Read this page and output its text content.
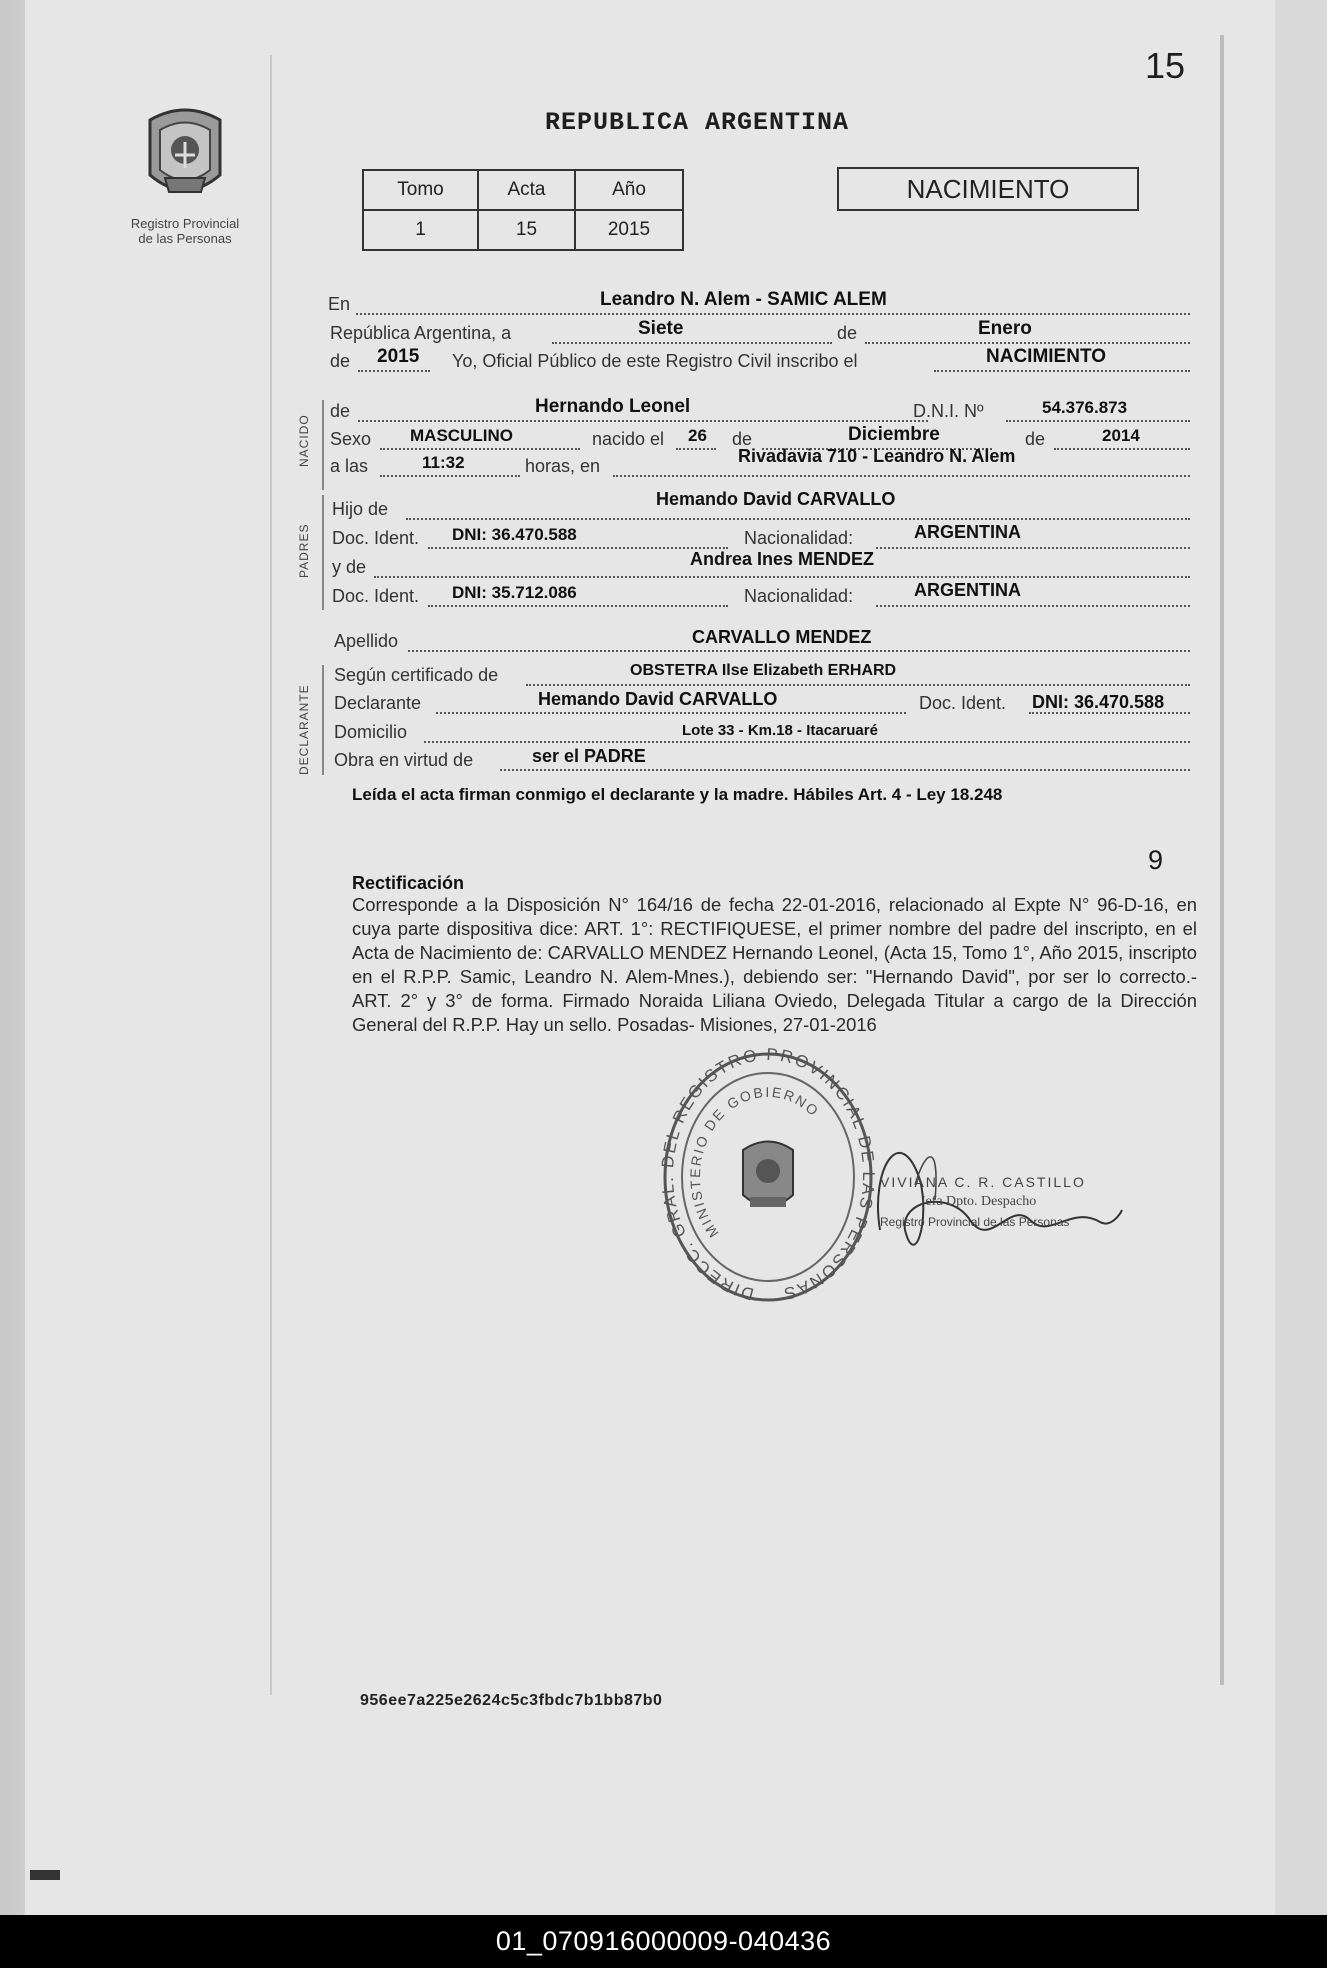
15
Registro Provincial
de las Personas
REPUBLICA ARGENTINA
Tomo	Acta	Año
1	15	2015
NACIMIENTO
En	Leandro N. Alem - SAMIC ALEM
República Argentina, a	Siete	de	Enero
de 2015 Yo, Oficial Público de este Registro Civil inscribo el	NACIMIENTO
NACIDO
de	Hernando Leonel	D.N.I. Nº	54.376.873
Sexo MASCULINO	nacido el 26 de	Diciembre	de	2014
a las	11:32	horas, en	Rivadavia 710 - Leandro N. Alem
PADRES
Hijo de	Hemando David CARVALLO
Doc. Ident. DNI: 36.470.588	Nacionalidad:	ARGENTINA
y de	Andrea Ines MENDEZ
Doc. Ident. DNI: 35.712.086	Nacionalidad:	ARGENTINA
Apellido	CARVALLO MENDEZ
DECLARANTE
Según certificado de	OBSTETRA Ilse Elizabeth ERHARD
Declarante	Hemando David CARVALLO	Doc. Ident. DNI: 36.470.588
Domicilio	Lote 33 - Km.18 - Itacaruaré
Obra en virtud de	ser el PADRE
Leída el acta firman conmigo el declarante y la madre. Hábiles Art. 4 - Ley 18.248
9
Rectificación
Corresponde a la Disposición N° 164/16 de fecha 22-01-2016, relacionado al Expte N° 96-D-16, en cuya parte dispositiva dice: ART. 1°: RECTIFIQUESE, el primer nombre del padre del inscripto, en el Acta de Nacimiento de: CARVALLO MENDEZ Hernando Leonel, (Acta 15, Tomo 1°, Año 2015, inscripto en el R.P.P. Samic, Leandro N. Alem-Mnes.), debiendo ser: "Hernando David", por ser lo correcto.- ART. 2° y 3° de forma. Firmado Noraida Liliana Oviedo, Delegada Titular a cargo de la Dirección General del R.P.P. Hay un sello. Posadas- Misiones, 27-01-2016
DIRECC. GRAL. DEL REGISTRO PROVINCIAL DE LAS PERSONAS
MINISTERIO DE GOBIERNO
VIVIANA C. R. CASTILLO
Jefa Dpto. Despacho
Registro Provincial de las Personas
956ee7a225e2624c5c3fbdc7b1bb87b0
01_070916000009-040436
